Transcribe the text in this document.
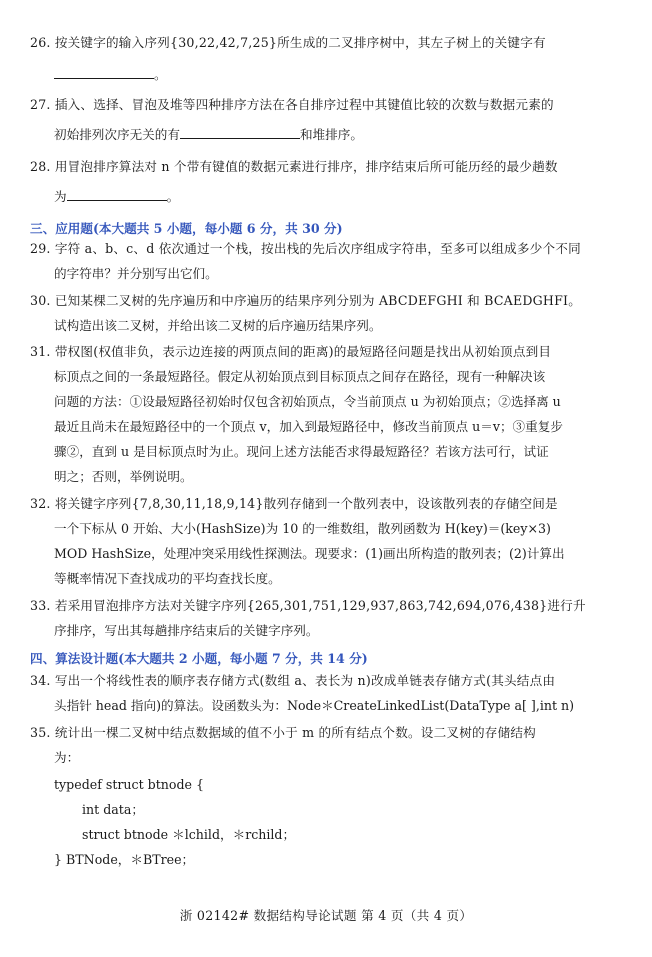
26. 按关键字的输入序列{30,22,42,7,25}所生成的二叉排序树中，其左子树上的关键字有
。
27. 插入、选择、冒泡及堆等四种排序方法在各自排序过程中其键值比较的次数与数据元素的
初始排列次序无关的有	和堆排序。
28. 用冒泡排序算法对 n 个带有键值的数据元素进行排序，排序结束后所可能历经的最少趟数
为	。
三、应用题(本大题共 5 小题，每小题 6 分，共 30 分)
29. 字符 a、b、c、d 依次通过一个栈，按出栈的先后次序组成字符串，至多可以组成多少个不同
的字符串？并分别写出它们。
30. 已知某棵二叉树的先序遍历和中序遍历的结果序列分别为 ABCDEFGHI 和 BCAEDGHFI。
试构造出该二叉树，并给出该二叉树的后序遍历结果序列。
31. 带权图(权值非负，表示边连接的两顶点间的距离)的最短路径问题是找出从初始顶点到目
标顶点之间的一条最短路径。假定从初始顶点到目标顶点之间存在路径，现有一种解决该
问题的方法：①设最短路径初始时仅包含初始顶点，令当前顶点 u 为初始顶点；②选择离 u
最近且尚未在最短路径中的一个顶点 v，加入到最短路径中，修改当前顶点 u＝v；③重复步
骤②，直到 u 是目标顶点时为止。现问上述方法能否求得最短路径？若该方法可行，试证
明之；否则，举例说明。
32. 将关键字序列{7,8,30,11,18,9,14}散列存储到一个散列表中，设该散列表的存储空间是
一个下标从 0 开始、大小(HashSize)为 10 的一维数组，散列函数为 H(key)＝(key×3)
MOD HashSize，处理冲突采用线性探测法。现要求：(1)画出所构造的散列表；(2)计算出
等概率情况下查找成功的平均查找长度。
33. 若采用冒泡排序方法对关键字序列{265,301,751,129,937,863,742,694,076,438}进行升
序排序，写出其每趟排序结束后的关键字序列。
四、算法设计题(本大题共 2 小题，每小题 7 分，共 14 分)
34. 写出一个将线性表的顺序表存储方式(数组 a、表长为 n)改成单链表存储方式(其头结点由
头指针 head 指向)的算法。设函数头为：Node＊CreateLinkedList(DataType a[ ],int n)
35. 统计出一棵二叉树中结点数据域的值不小于 m 的所有结点个数。设二叉树的存储结构
为：
typedef struct btnode {
int data；
struct btnode ＊lchild，＊rchild；
} BTNode，＊BTree；
浙 02142# 数据结构导论试题 第 4 页（共 4 页）
